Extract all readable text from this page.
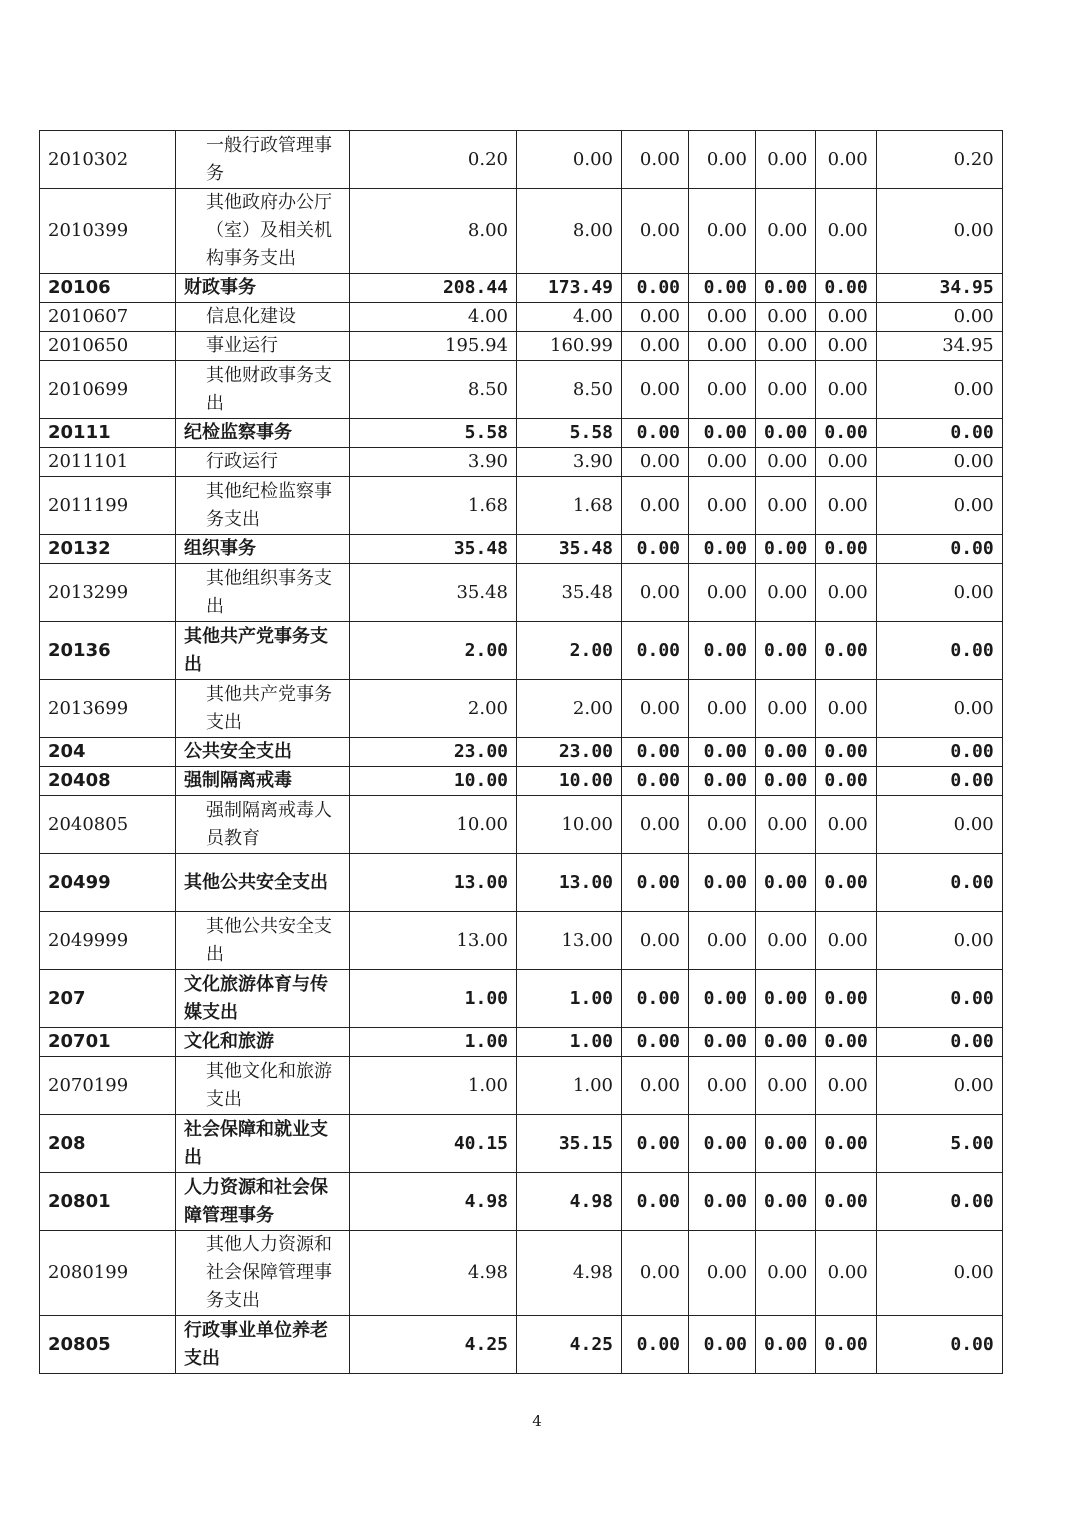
2010302	一般行政管理事务	0.20	0.00	0.00	0.00	0.00	0.00	0.20
2010399	其他政府办公厅（室）及相关机构事务支出	8.00	8.00	0.00	0.00	0.00	0.00	0.00
20106	财政事务	208.44	173.49	0.00	0.00	0.00	0.00	34.95
2010607	信息化建设	4.00	4.00	0.00	0.00	0.00	0.00	0.00
2010650	事业运行	195.94	160.99	0.00	0.00	0.00	0.00	34.95
2010699	其他财政事务支出	8.50	8.50	0.00	0.00	0.00	0.00	0.00
20111	纪检监察事务	5.58	5.58	0.00	0.00	0.00	0.00	0.00
2011101	行政运行	3.90	3.90	0.00	0.00	0.00	0.00	0.00
2011199	其他纪检监察事务支出	1.68	1.68	0.00	0.00	0.00	0.00	0.00
20132	组织事务	35.48	35.48	0.00	0.00	0.00	0.00	0.00
2013299	其他组织事务支出	35.48	35.48	0.00	0.00	0.00	0.00	0.00
20136	其他共产党事务支出	2.00	2.00	0.00	0.00	0.00	0.00	0.00
2013699	其他共产党事务支出	2.00	2.00	0.00	0.00	0.00	0.00	0.00
204	公共安全支出	23.00	23.00	0.00	0.00	0.00	0.00	0.00
20408	强制隔离戒毒	10.00	10.00	0.00	0.00	0.00	0.00	0.00
2040805	强制隔离戒毒人员教育	10.00	10.00	0.00	0.00	0.00	0.00	0.00
20499	其他公共安全支出	13.00	13.00	0.00	0.00	0.00	0.00	0.00
2049999	其他公共安全支出	13.00	13.00	0.00	0.00	0.00	0.00	0.00
207	文化旅游体育与传媒支出	1.00	1.00	0.00	0.00	0.00	0.00	0.00
20701	文化和旅游	1.00	1.00	0.00	0.00	0.00	0.00	0.00
2070199	其他文化和旅游支出	1.00	1.00	0.00	0.00	0.00	0.00	0.00
208	社会保障和就业支出	40.15	35.15	0.00	0.00	0.00	0.00	5.00
20801	人力资源和社会保障管理事务	4.98	4.98	0.00	0.00	0.00	0.00	0.00
2080199	其他人力资源和社会保障管理事务支出	4.98	4.98	0.00	0.00	0.00	0.00	0.00
20805	行政事业单位养老支出	4.25	4.25	0.00	0.00	0.00	0.00	0.00
4
